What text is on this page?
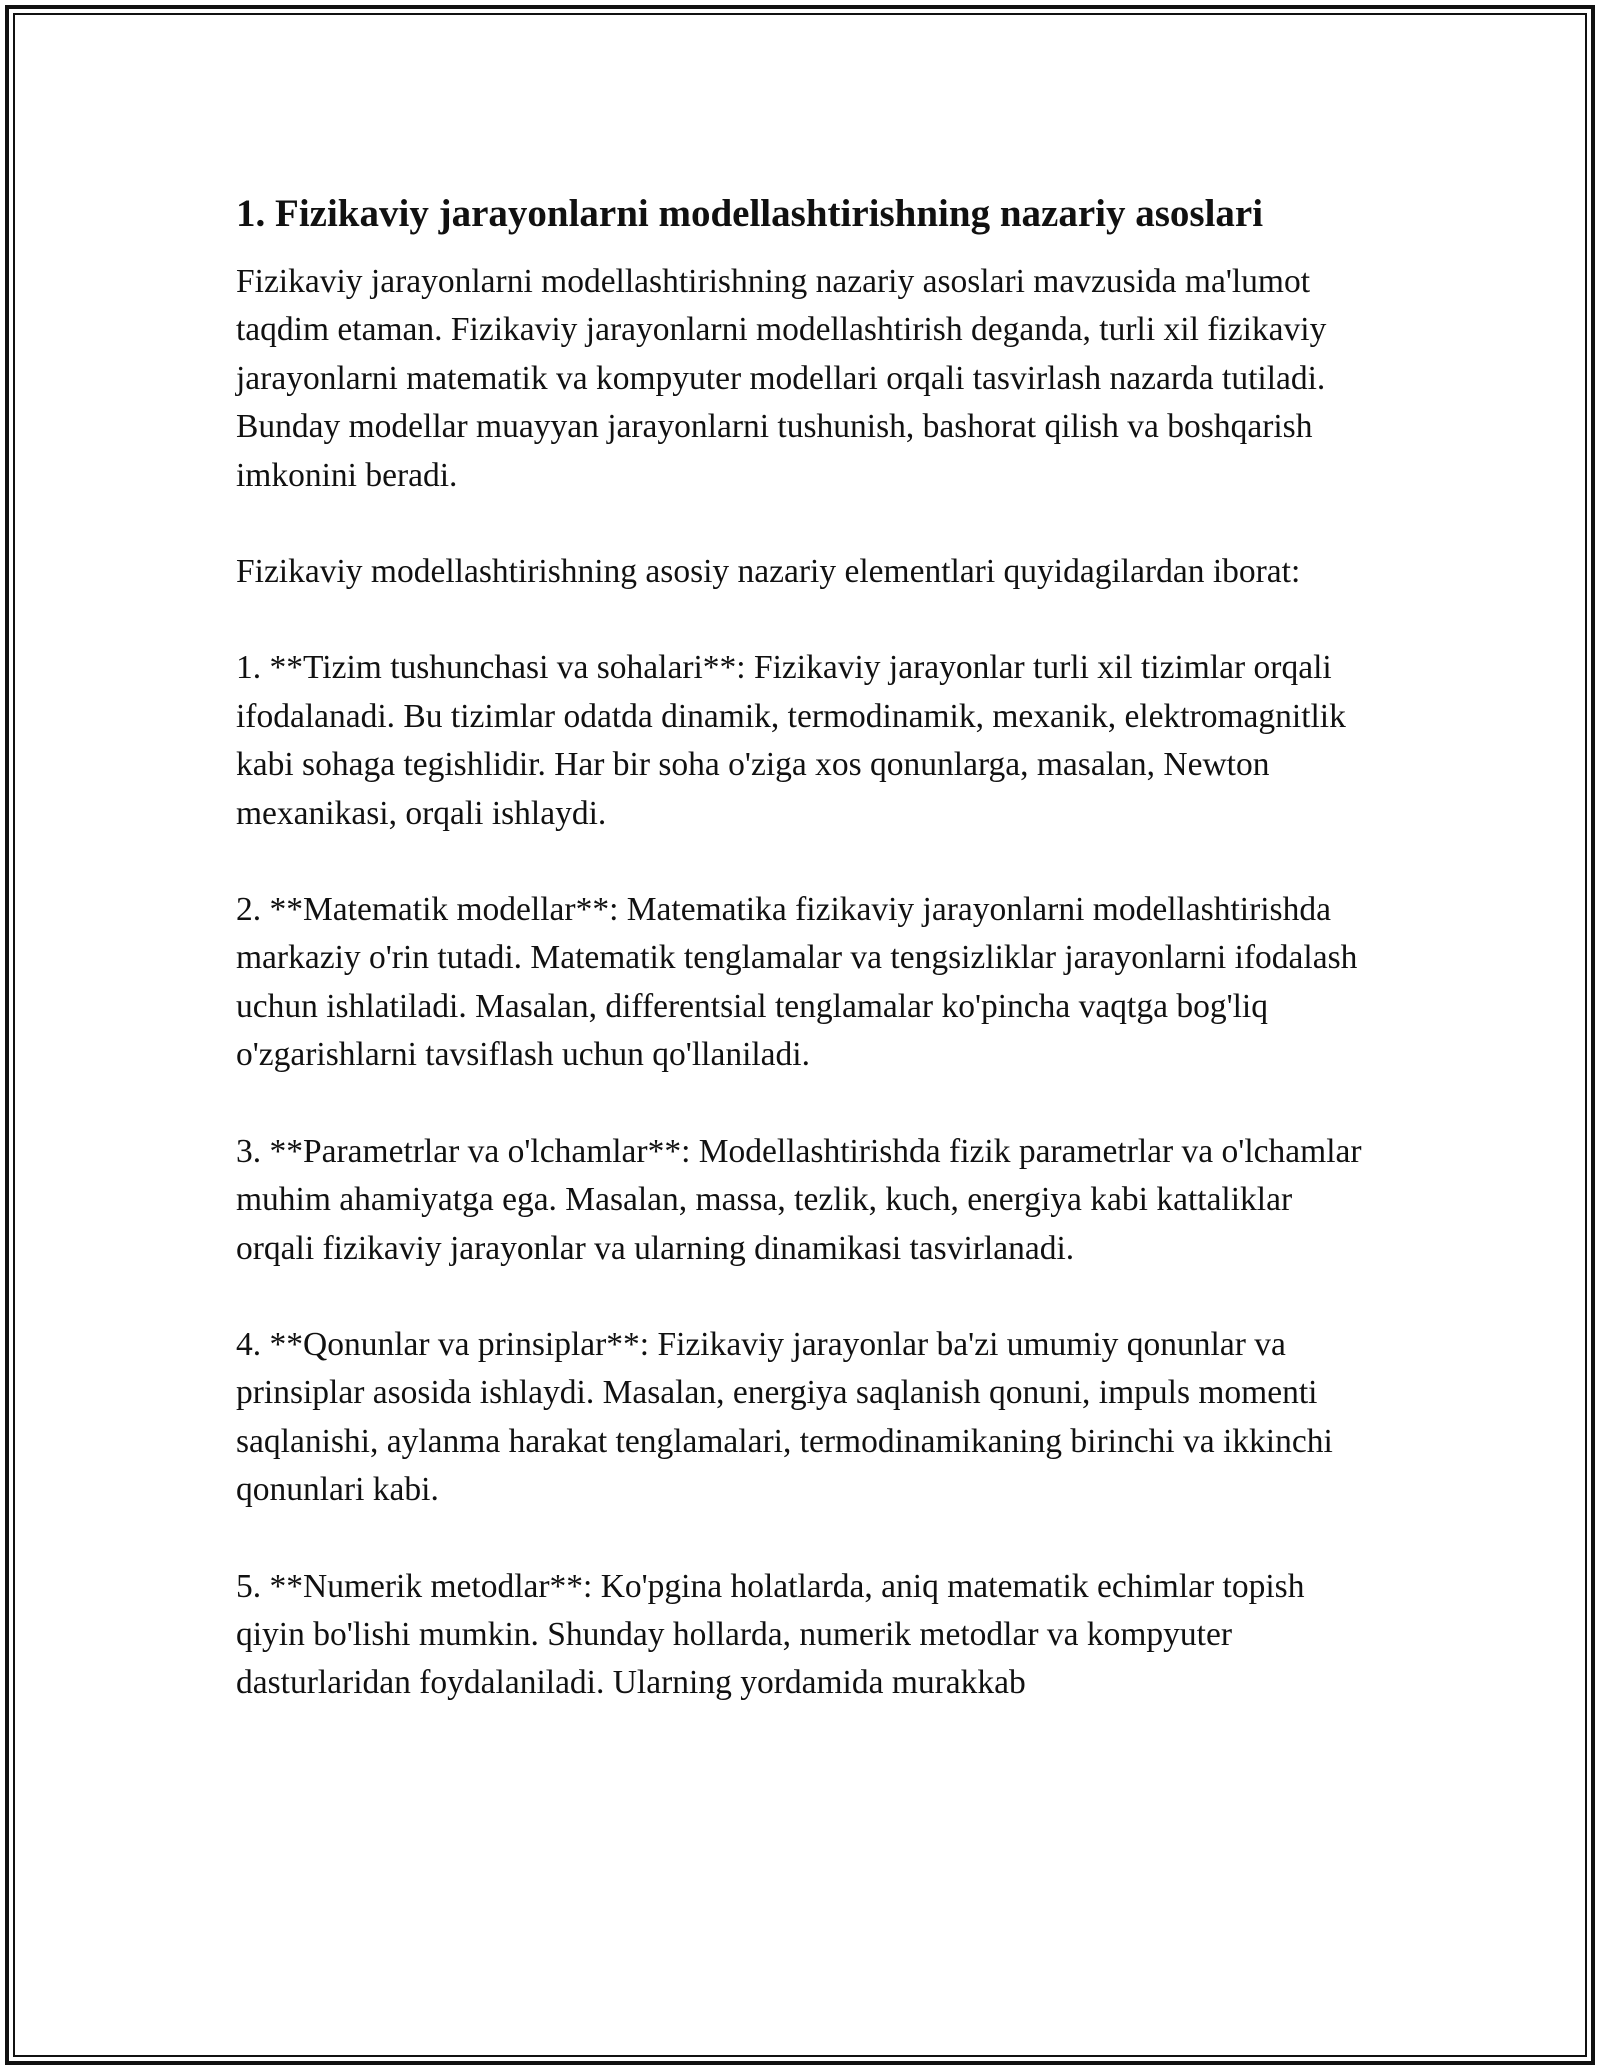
1. Fizikaviy jarayonlarni modellashtirishning nazariy asoslari

Fizikaviy jarayonlarni modellashtirishning nazariy asoslari mavzusida ma'lumot taqdim etaman. Fizikaviy jarayonlarni modellashtirish deganda, turli xil fizikaviy jarayonlarni matematik va kompyuter modellari orqali tasvirlash nazarda tutiladi. Bunday modellar muayyan jarayonlarni tushunish, bashorat qilish va boshqarish imkonini beradi.

Fizikaviy modellashtirishning asosiy nazariy elementlari quyidagilardan iborat:

1. **Tizim tushunchasi va sohalari**: Fizikaviy jarayonlar turli xil tizimlar orqali ifodalanadi. Bu tizimlar odatda dinamik, termodinamik, mexanik, elektromagnitlik kabi sohaga tegishlidir. Har bir soha o'ziga xos qonunlarga, masalan, Newton mexanikasi, orqali ishlaydi.

2. **Matematik modellar**: Matematika fizikaviy jarayonlarni modellashtirishda markaziy o'rin tutadi. Matematik tenglamalar va tengsizliklar jarayonlarni ifodalash uchun ishlatiladi. Masalan, differentsial tenglamalar ko'pincha vaqtga bog'liq o'zgarishlarni tavsiflash uchun qo'llaniladi.

3. **Parametrlar va o'lchamlar**: Modellashtirishda fizik parametrlar va o'lchamlar muhim ahamiyatga ega. Masalan, massa, tezlik, kuch, energiya kabi kattaliklar orqali fizikaviy jarayonlar va ularning dinamikasi tasvirlanadi.

4. **Qonunlar va prinsiplar**: Fizikaviy jarayonlar ba'zi umumiy qonunlar va prinsiplar asosida ishlaydi. Masalan, energiya saqlanish qonuni, impuls momenti saqlanishi, aylanma harakat tenglamalari, termodinamikaning birinchi va ikkinchi qonunlari kabi.

5. **Numerik metodlar**: Ko'pgina holatlarda, aniq matematik echimlar topish qiyin bo'lishi mumkin. Shunday hollarda, numerik metodlar va kompyuter dasturlaridan foydalaniladi. Ularning yordamida murakkab
